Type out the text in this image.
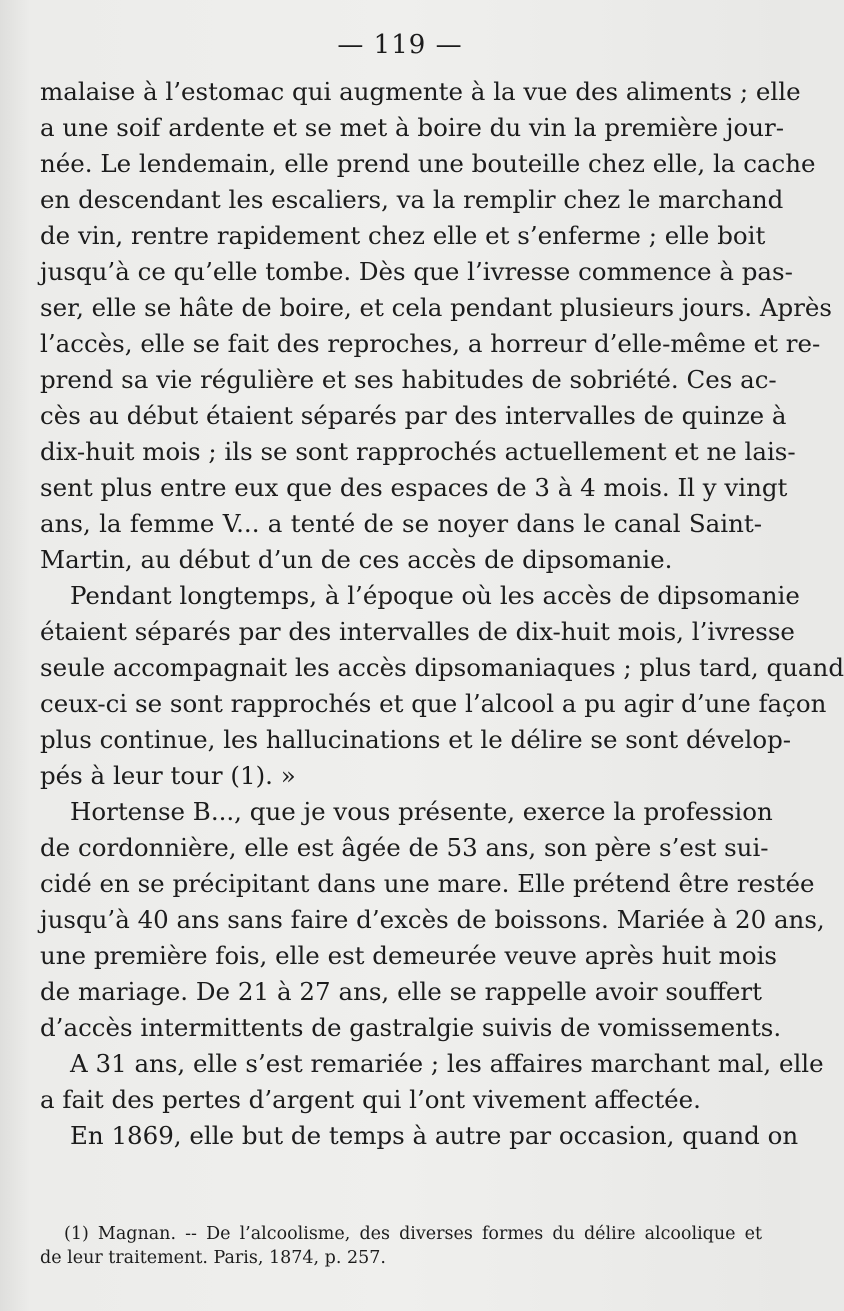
— 119 —
malaise à l’estomac qui augmente à la vue des aliments ; elle
a une soif ardente et se met à boire du vin la première jour-
née. Le lendemain, elle prend une bouteille chez elle, la cache
en descendant les escaliers, va la remplir chez le marchand
de vin, rentre rapidement chez elle et s’enferme ; elle boit
jusqu’à ce qu’elle tombe. Dès que l’ivresse commence à pas-
ser, elle se hâte de boire, et cela pendant plusieurs jours. Après
l’accès, elle se fait des reproches, a horreur d’elle-même et re-
prend sa vie régulière et ses habitudes de sobriété. Ces ac-
cès au début étaient séparés par des intervalles de quinze à
dix-huit mois ; ils se sont rapprochés actuellement et ne lais-
sent plus entre eux que des espaces de 3 à 4 mois. Il y vingt
ans, la femme V... a tenté de se noyer dans le canal Saint-
Martin, au début d’un de ces accès de dipsomanie.
Pendant longtemps, à l’époque où les accès de dipsomanie
étaient séparés par des intervalles de dix-huit mois, l’ivresse
seule accompagnait les accès dipsomaniaques ; plus tard, quand
ceux-ci se sont rapprochés et que l’alcool a pu agir d’une façon
plus continue, les hallucinations et le délire se sont dévelop-
pés à leur tour (1). »
Hortense B..., que je vous présente, exerce la profession
de cordonnière, elle est âgée de 53 ans, son père s’est sui-
cidé en se précipitant dans une mare. Elle prétend être restée
jusqu’à 40 ans sans faire d’excès de boissons. Mariée à 20 ans,
une première fois, elle est demeurée veuve après huit mois
de mariage. De 21 à 27 ans, elle se rappelle avoir souffert
d’accès intermittents de gastralgie suivis de vomissements.
A 31 ans, elle s’est remariée ; les affaires marchant mal, elle
a fait des pertes d’argent qui l’ont vivement affectée.
En 1869, elle but de temps à autre par occasion, quand on
(1) Magnan. -- De l’alcoolisme, des diverses formes du délire alcoolique et
de leur traitement. Paris, 1874, p. 257.
